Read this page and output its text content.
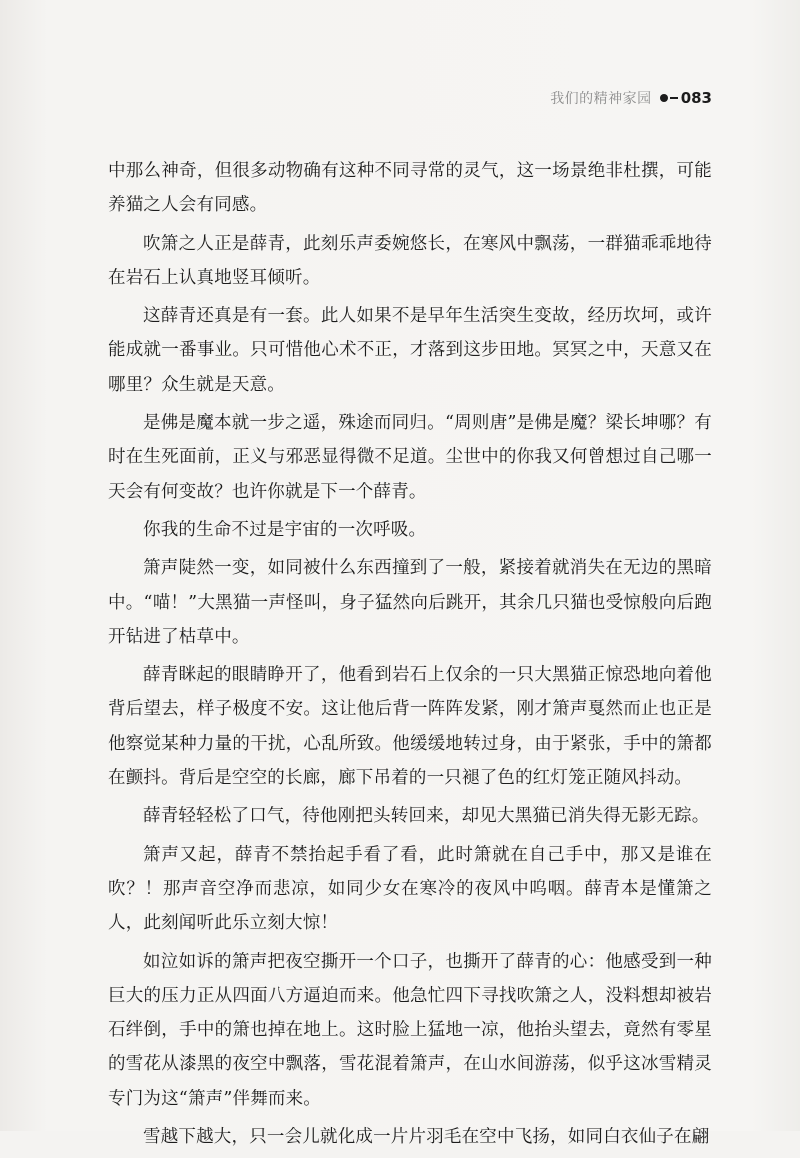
我们的精神家园 083

中那么神奇，但很多动物确有这种不同寻常的灵气，这一场景绝非杜撰，可能养猫之人会有同感。

吹箫之人正是薛青，此刻乐声委婉悠长，在寒风中飘荡，一群猫乖乖地待在岩石上认真地竖耳倾听。

这薛青还真是有一套。此人如果不是早年生活突生变故，经历坎坷，或许能成就一番事业。只可惜他心术不正，才落到这步田地。冥冥之中，天意又在哪里？众生就是天意。

是佛是魔本就一步之遥，殊途而同归。“周则唐”是佛是魔？梁长坤哪？有时在生死面前，正义与邪恶显得微不足道。尘世中的你我又何曾想过自己哪一天会有何变故？也许你就是下一个薛青。

你我的生命不过是宇宙的一次呼吸。

箫声陡然一变，如同被什么东西撞到了一般，紧接着就消失在无边的黑暗中。“喵！”大黑猫一声怪叫，身子猛然向后跳开，其余几只猫也受惊般向后跑开钻进了枯草中。

薛青眯起的眼睛睁开了，他看到岩石上仅余的一只大黑猫正惊恐地向着他背后望去，样子极度不安。这让他后背一阵阵发紧，刚才箫声戛然而止也正是他察觉某种力量的干扰，心乱所致。他缓缓地转过身，由于紧张，手中的箫都在颤抖。背后是空空的长廊，廊下吊着的一只褪了色的红灯笼正随风抖动。

薛青轻轻松了口气，待他刚把头转回来，却见大黑猫已消失得无影无踪。

箫声又起，薛青不禁抬起手看了看，此时箫就在自己手中，那又是谁在吹？！那声音空净而悲凉，如同少女在寒冷的夜风中呜咽。薛青本是懂箫之人，此刻闻听此乐立刻大惊！

如泣如诉的箫声把夜空撕开一个口子，也撕开了薛青的心：他感受到一种巨大的压力正从四面八方逼迫而来。他急忙四下寻找吹箫之人，没料想却被岩石绊倒，手中的箫也掉在地上。这时脸上猛地一凉，他抬头望去，竟然有零星的雪花从漆黑的夜空中飘落，雪花混着箫声，在山水间游荡，似乎这冰雪精灵专门为这“箫声”伴舞而来。

雪越下越大，只一会儿就化成一片片羽毛在空中飞扬，如同白衣仙子在翩
